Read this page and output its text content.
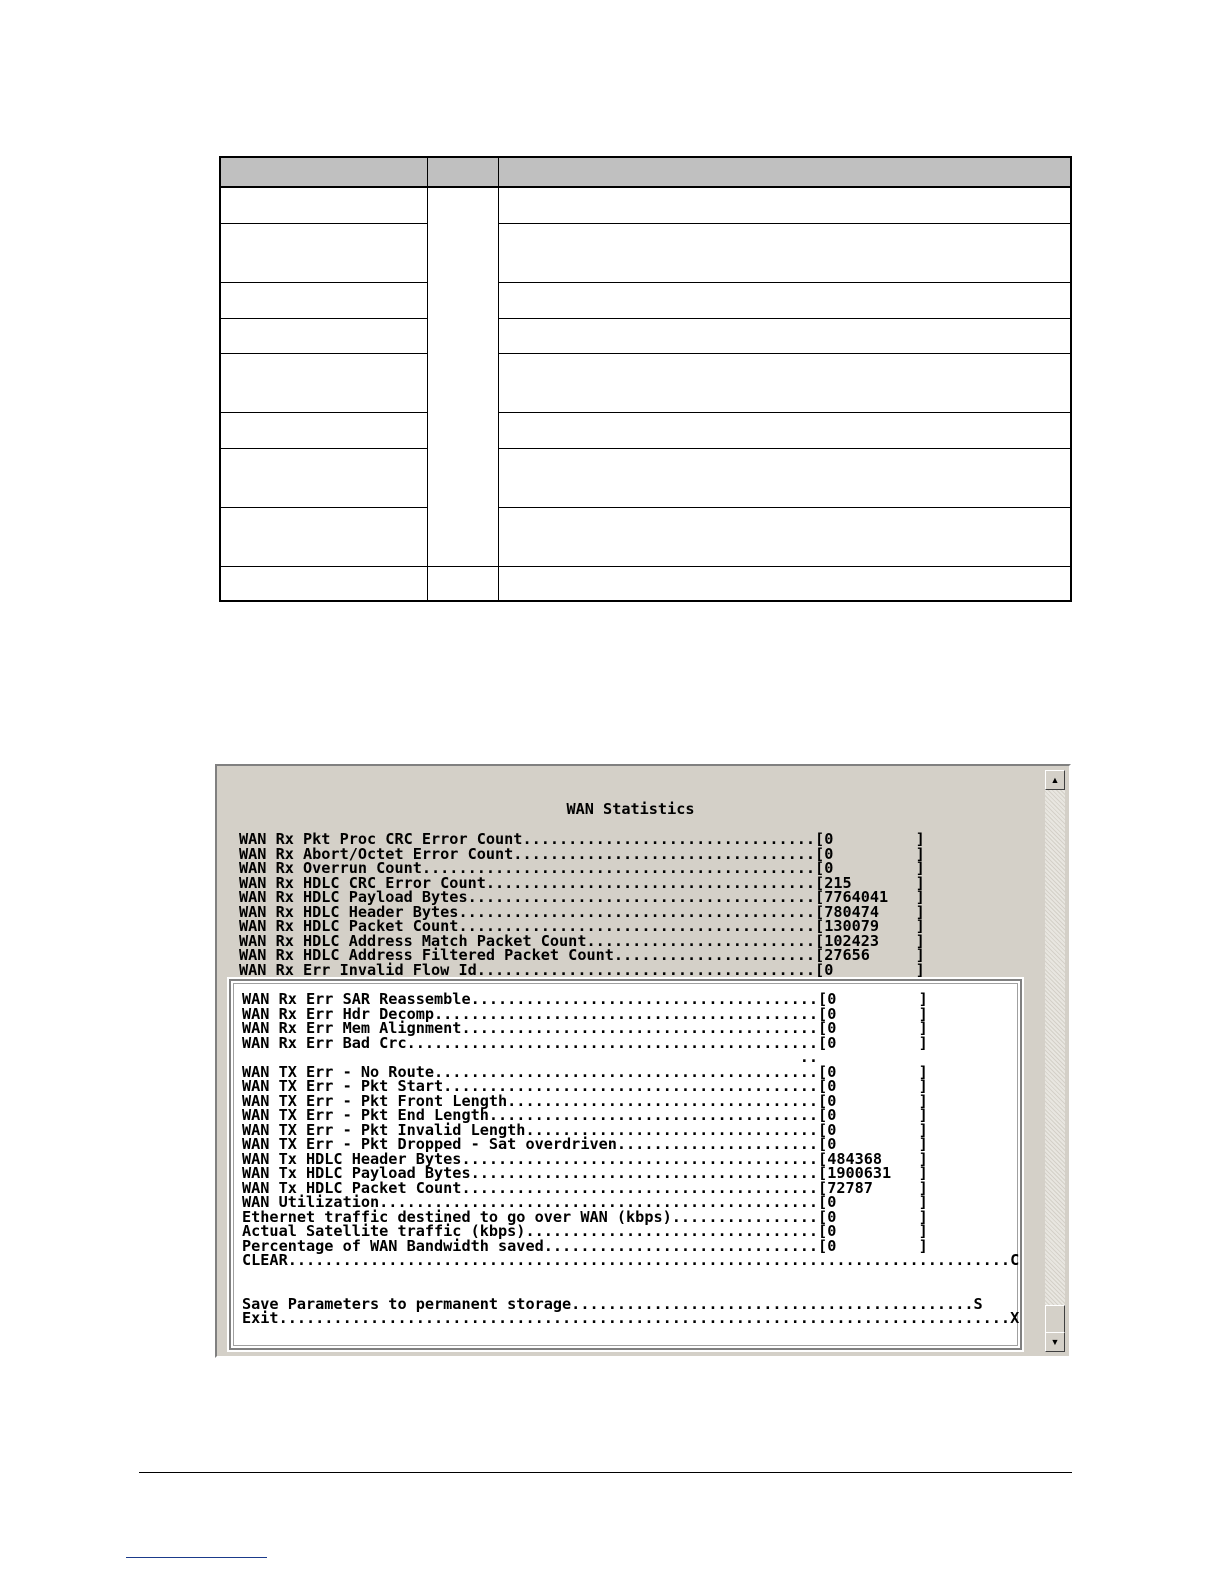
WAN Statistics
WAN Rx Pkt Proc CRC Error Count................................[0         ]
WAN Rx Abort/Octet Error Count.................................[0         ]
WAN Rx Overrun Count...........................................[0         ]
WAN Rx HDLC CRC Error Count....................................[215       ]
WAN Rx HDLC Payload Bytes......................................[7764041   ]
WAN Rx HDLC Header Bytes.......................................[780474    ]
WAN Rx HDLC Packet Count.......................................[130079    ]
WAN Rx HDLC Address Match Packet Count.........................[102423    ]
WAN Rx HDLC Address Filtered Packet Count......................[27656     ]
WAN Rx Err Invalid Flow Id.....................................[0         ]
WAN Rx Err SAR Reassemble......................................[0         ]
WAN Rx Err Hdr Decomp..........................................[0         ]
WAN Rx Err Mem Alignment.......................................[0         ]
WAN Rx Err Bad Crc.............................................[0         ]
..
WAN TX Err - No Route..........................................[0         ]
WAN TX Err - Pkt Start.........................................[0         ]
WAN TX Err - Pkt Front Length..................................[0         ]
WAN TX Err - Pkt End Length....................................[0         ]
WAN TX Err - Pkt Invalid Length................................[0         ]
WAN TX Err - Pkt Dropped - Sat overdriven......................[0         ]
WAN Tx HDLC Header Bytes.......................................[484368    ]
WAN Tx HDLC Payload Bytes......................................[1900631   ]
WAN Tx HDLC Packet Count.......................................[72787     ]
WAN Utilization................................................[0         ]
Ethernet traffic destined to go over WAN (kbps)................[0         ]
Actual Satellite traffic (kbps)................................[0         ]
Percentage of WAN Bandwidth saved..............................[0         ]
CLEAR...............................................................................C

Save Parameters to permanent storage............................................S
Exit................................................................................X
▲
▼
